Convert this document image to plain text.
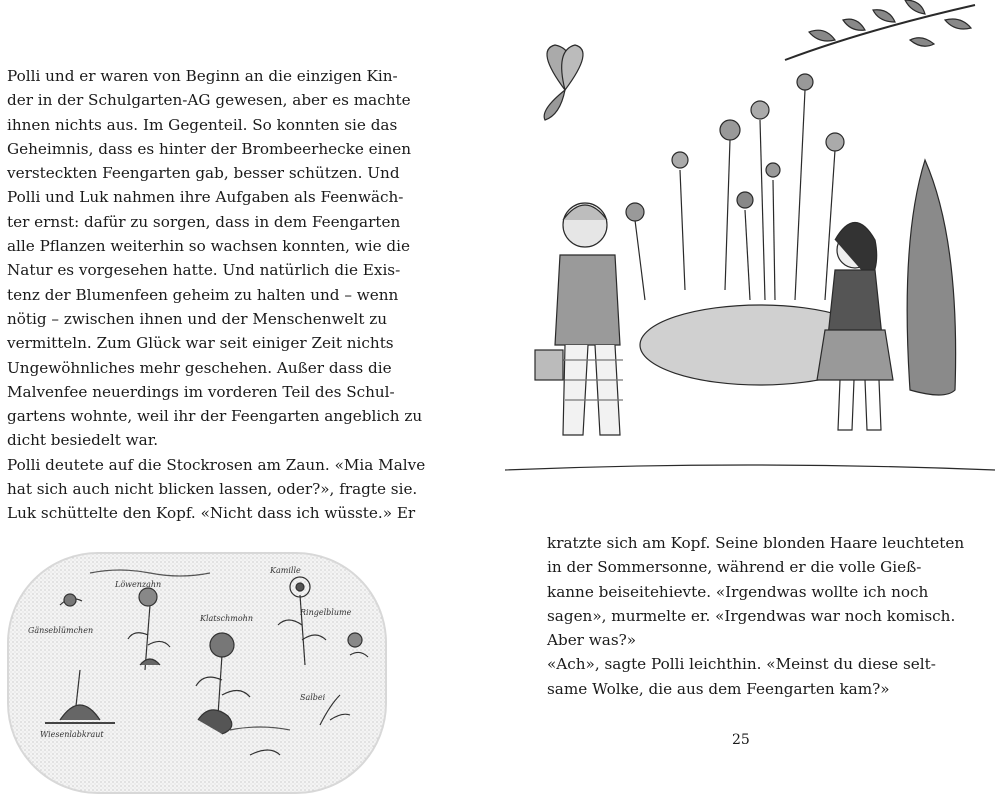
Polli und er waren von Beginn an die einzigen Kin-
der in der Schulgarten-AG gewesen, aber es machte
ihnen nichts aus. Im Gegenteil. So konnten sie das
Geheimnis, dass es hinter der Brombeerhecke einen
versteckten Feengarten gab, besser schützen. Und
Polli und Luk nahmen ihre Aufgaben als Feenwäch-
ter ernst: dafür zu sorgen, dass in dem Feengarten
alle Pflanzen weiterhin so wachsen konnten, wie die
Natur es vorgesehen hatte. Und natürlich die Exis-
tenz der Blumenfeen geheim zu halten und – wenn
nötig – zwischen ihnen und der Menschenwelt zu
vermitteln. Zum Glück war seit einiger Zeit nichts
Ungewöhnliches mehr geschehen. Außer dass die
Malvenfee neuerdings im vorderen Teil des Schul-
gartens wohnte, weil ihr der Feengarten angeblich zu
dicht besiedelt war.
Polli deutete auf die Stockrosen am Zaun. «Mia Malve
hat sich auch nicht blicken lassen, oder?», fragte sie.
Luk schüttelte den Kopf. «Nicht dass ich wüsste.» Er
Löwenzahn
Gänseblümchen
Kamille
Klatschmohn
Ringelblume
Salbei
Wiesenlabkraut
kratzte sich am Kopf. Seine blonden Haare leuchteten
in der Sommersonne, während er die volle Gieß-
kanne beiseitehievte. «Irgendwas wollte ich noch
sagen», murmelte er. «Irgendwas war noch komisch.
Aber was?»
«Ach», sagte Polli leichthin. «Meinst du diese selt-
same Wolke, die aus dem Feengarten kam?»
25
